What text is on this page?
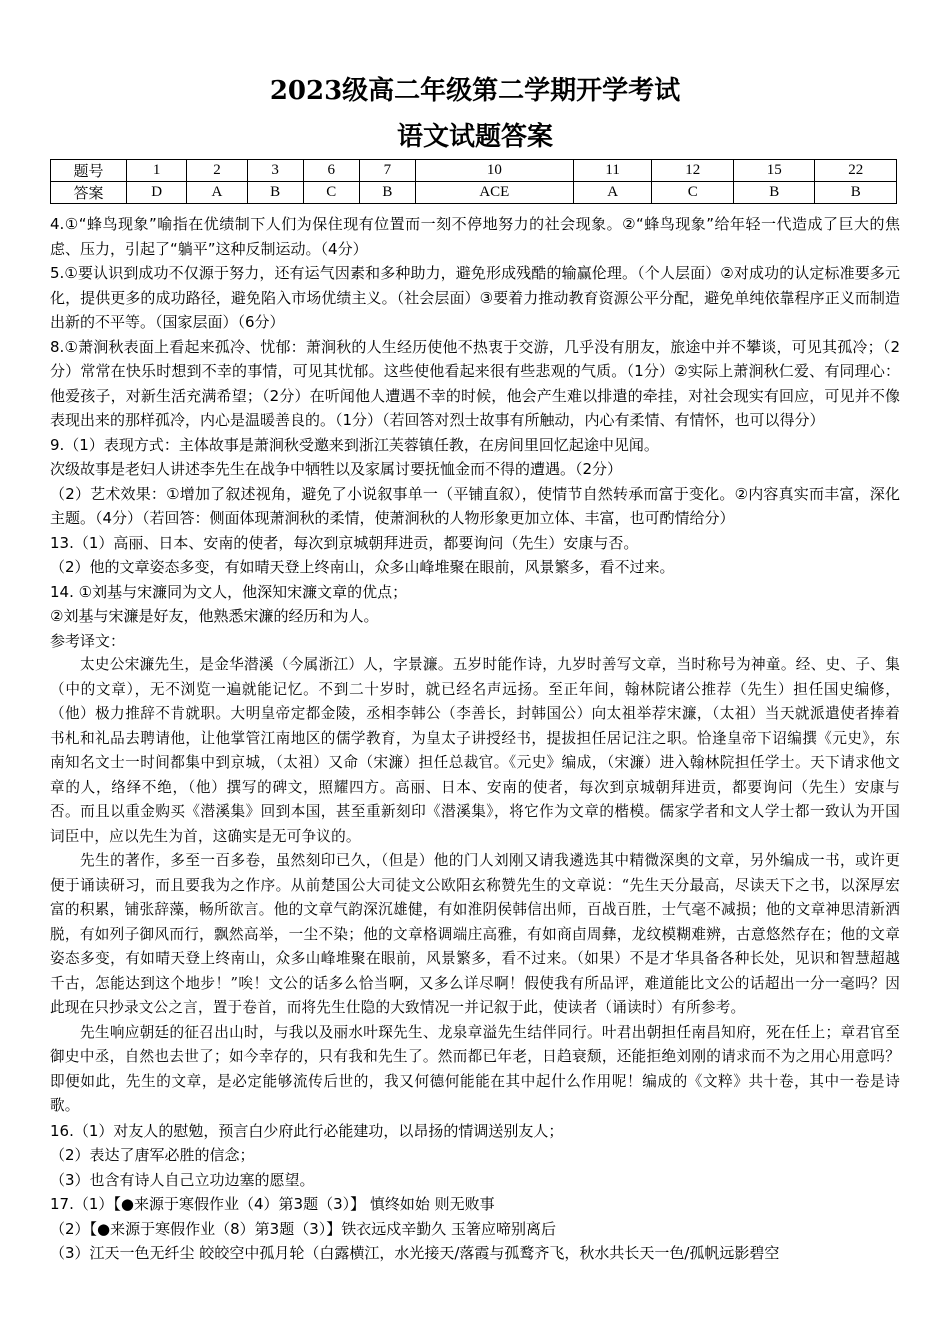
2023级高二年级第二学期开学考试
语文试题答案
题号	1	2	3	6	7	10	11	12	15	22
答案	D	A	B	C	B	ACE	A	C	B	B

4.①“蜂鸟现象”喻指在优绩制下人们为保住现有位置而一刻不停地努力的社会现象。②“蜂鸟现象”给年轻一代造成了巨大的焦虑、压力，引起了“躺平”这种反制运动。（4分）

5.①要认识到成功不仅源于努力，还有运气因素和多种助力，避免形成残酷的输赢伦理。（个人层面）②对成功的认定标准要多元化，提供更多的成功路径，避免陷入市场优绩主义。（社会层面）③要着力推动教育资源公平分配，避免单纯依靠程序正义而制造出新的不平等。（国家层面）（6分）

8.①萧涧秋表面上看起来孤冷、忧郁：萧涧秋的人生经历使他不热衷于交游，几乎没有朋友，旅途中并不攀谈，可见其孤冷；（2分）常常在快乐时想到不幸的事情，可见其忧郁。这些使他看起来很有些悲观的气质。（1分）②实际上萧涧秋仁爱、有同理心：他爱孩子，对新生活充满希望；（2分）在听闻他人遭遇不幸的时候，他会产生难以排遣的牵挂，对社会现实有回应，可见并不像表现出来的那样孤冷，内心是温暖善良的。（1分）（若回答对烈士故事有所触动，内心有柔情、有情怀，也可以得分）

9.（1）表现方式：主体故事是萧涧秋受邀来到浙江芙蓉镇任教，在房间里回忆起途中见闻。

次级故事是老妇人讲述李先生在战争中牺牲以及家属讨要抚恤金而不得的遭遇。（2分）

（2）艺术效果：①增加了叙述视角，避免了小说叙事单一（平铺直叙），使情节自然转承而富于变化。②内容真实而丰富，深化主题。（4分）（若回答：侧面体现萧涧秋的柔情，使萧涧秋的人物形象更加立体、丰富，也可酌情给分）

13.（1）高丽、日本、安南的使者，每次到京城朝拜进贡，都要询问（先生）安康与否。

（2）他的文章姿态多变，有如晴天登上终南山，众多山峰堆聚在眼前，风景繁多，看不过来。

14. ①刘基与宋濂同为文人，他深知宋濂文章的优点；

②刘基与宋濂是好友，他熟悉宋濂的经历和为人。

参考译文：

太史公宋濂先生，是金华潜溪（今属浙江）人，字景濂。五岁时能作诗，九岁时善写文章，当时称号为神童。经、史、子、集（中的文章），无不浏览一遍就能记忆。不到二十岁时，就已经名声远扬。至正年间，翰林院诸公推荐（先生）担任国史编修，（他）极力推辞不肯就职。大明皇帝定都金陵，丞相李韩公（李善长，封韩国公）向太祖举荐宋濂，（太祖）当天就派遣使者捧着书札和礼品去聘请他，让他掌管江南地区的儒学教育，为皇太子讲授经书，提拔担任居记注之职。恰逢皇帝下诏编撰《元史》，东南知名文士一时间都集中到京城，（太祖）又命（宋濂）担任总裁官。《元史》编成，（宋濂）进入翰林院担任学士。天下请求他文章的人，络绎不绝，（他）撰写的碑文，照耀四方。高丽、日本、安南的使者，每次到京城朝拜进贡，都要询问（先生）安康与否。而且以重金购买《潜溪集》回到本国，甚至重新刻印《潜溪集》，将它作为文章的楷模。儒家学者和文人学士都一致认为开国词臣中，应以先生为首，这确实是无可争议的。

先生的著作，多至一百多卷，虽然刻印已久，（但是）他的门人刘刚又请我遴选其中精微深奥的文章，另外编成一书，或许更便于诵读研习，而且要我为之作序。从前楚国公大司徒文公欧阳玄称赞先生的文章说：“先生天分最高，尽读天下之书，以深厚宏富的积累，铺张辞藻，畅所欲言。他的文章气韵深沉雄健，有如淮阴侯韩信出师，百战百胜，士气毫不减损；他的文章神思清新洒脱，有如列子御风而行，飘然高举，一尘不染；他的文章格调端庄高雅，有如商卣周彝，龙纹模糊难辨，古意悠然存在；他的文章姿态多变，有如晴天登上终南山，众多山峰堆聚在眼前，风景繁多，看不过来。（如果）不是才华具备各种长处，见识和智慧超越千古，怎能达到这个地步！”唉！文公的话多么恰当啊，又多么详尽啊！假使我有所品评，难道能比文公的话超出一分一毫吗？因此现在只抄录文公之言，置于卷首，而将先生仕隐的大致情况一并记叙于此，使读者（诵读时）有所参考。

先生响应朝廷的征召出山时，与我以及丽水叶琛先生、龙泉章溢先生结伴同行。叶君出朝担任南昌知府，死在任上；章君官至御史中丞，自然也去世了；如今幸存的，只有我和先生了。然而都已年老，日趋衰颓，还能拒绝刘刚的请求而不为之用心用意吗？即便如此，先生的文章，是必定能够流传后世的，我又何德何能能在其中起什么作用呢！编成的《文粹》共十卷，其中一卷是诗歌。

16.（1）对友人的慰勉，预言白少府此行必能建功，以昂扬的情调送别友人；

（2）表达了唐军必胜的信念；

（3）也含有诗人自己立功边塞的愿望。

17.（1）【●来源于寒假作业（4）第3题（3）】 慎终如始 则无败事

（2）【●来源于寒假作业（8）第3题（3）】铁衣远戍辛勤久 玉箸应啼别离后

（3）江天一色无纤尘 皎皎空中孤月轮（白露横江，水光接天/落霞与孤鹜齐飞，秋水共长天一色/孤帆远影碧空
